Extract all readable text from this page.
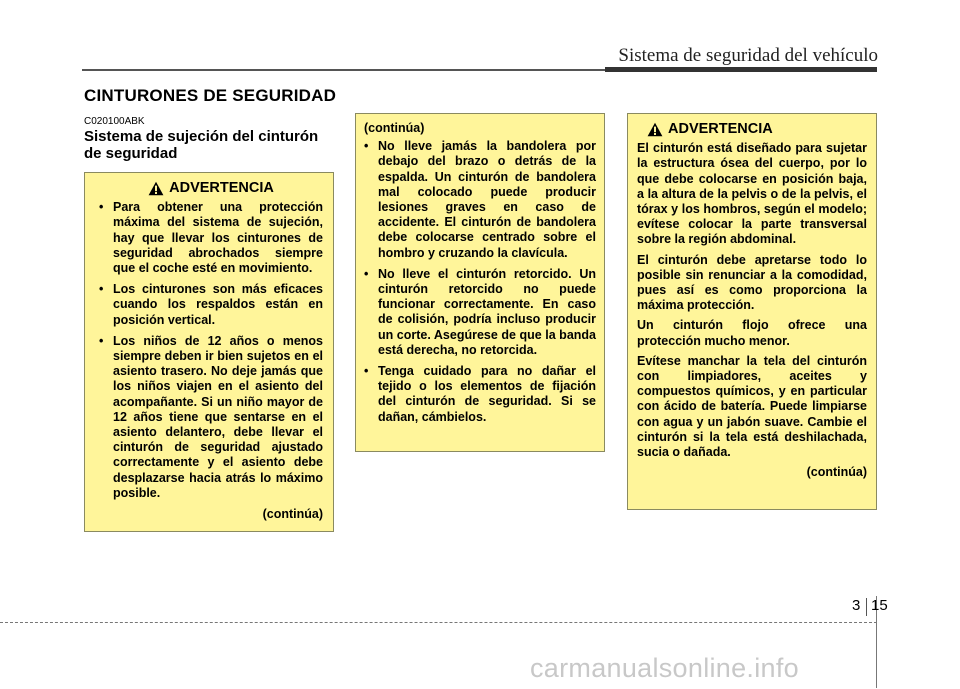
Sistema de seguridad del vehículo
CINTURONES DE SEGURIDAD
C020100ABK
Sistema de sujeción del cinturón de seguridad
ADVERTENCIA
• Para obtener una protección máxima del sistema de sujeción, hay que llevar los cinturones de seguridad abrochados siempre que el coche esté en movimiento.
• Los cinturones son más eficaces cuando los respaldos están en posición vertical.
• Los niños de 12 años o menos siempre deben ir bien sujetos en el asiento trasero. No deje jamás que los niños viajen en el asiento del acompañante. Si un niño mayor de 12 años tiene que sentarse en el asiento delantero, debe llevar el cinturón de seguridad ajustado correctamente y el asiento debe desplazarse hacia atrás lo máximo posible.
(continúa)
(continúa)
• No lleve jamás la bandolera por debajo del brazo o detrás de la espalda. Un cinturón de bandolera mal colocado puede producir lesiones graves en caso de accidente. El cinturón de bandolera debe colocarse centrado sobre el hombro y cruzando la clavícula.
• No lleve el cinturón retorcido. Un cinturón retorcido no puede funcionar correctamente. En caso de colisión, podría incluso producir un corte. Asegúrese de que la banda está derecha, no retorcida.
• Tenga cuidado para no dañar el tejido o los elementos de fijación del cinturón de seguridad. Si se dañan, cámbielos.
ADVERTENCIA

El cinturón está diseñado para sujetar la estructura ósea del cuerpo, por lo que debe colocarse en posición baja, a la altura de la pelvis o de la pelvis, el tórax y los hombros, según el modelo; evítese colocar la parte transversal sobre la región abdominal.

El cinturón debe apretarse todo lo posible sin renunciar a la comodidad, pues así es como proporciona la máxima protección.

Un cinturón flojo ofrece una protección mucho menor.

Evítese manchar la tela del cinturón con limpiadores, aceites y compuestos químicos, y en particular con ácido de batería. Puede limpiarse con agua y un jabón suave. Cambie el cinturón si la tela está deshilachada, sucia o dañada.

(continúa)
3 15
carmanualsonline.info
